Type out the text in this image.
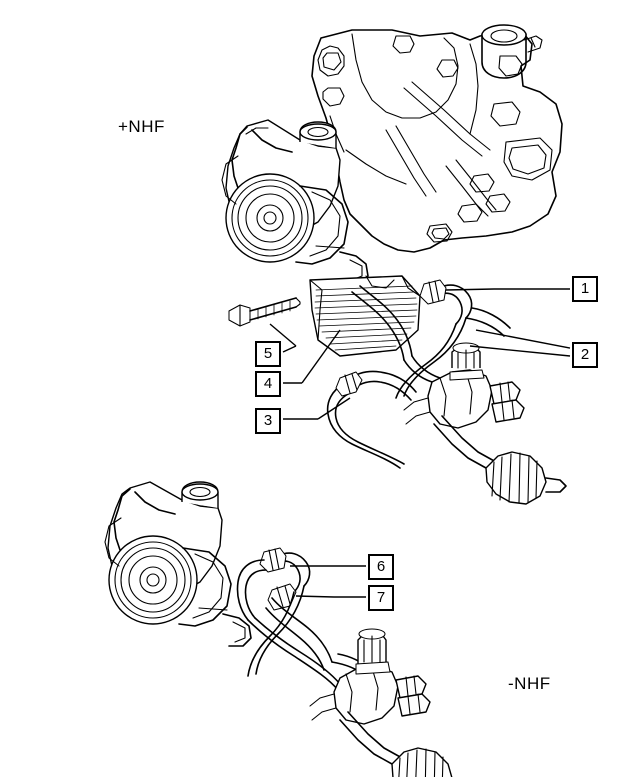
1
2
3
4
5
6
7
+NHF
-NHF
